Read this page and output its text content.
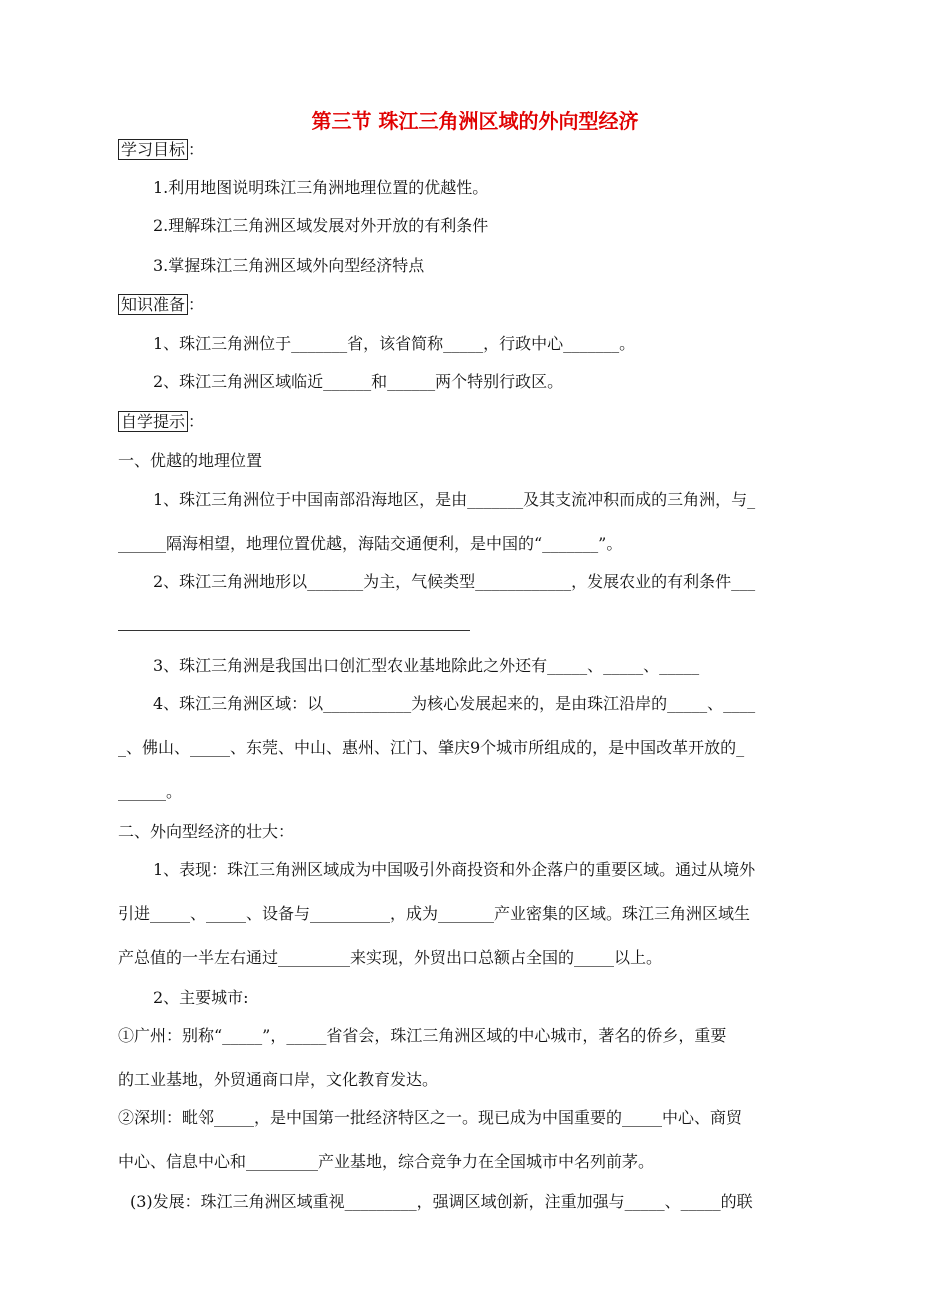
第三节 珠江三角洲区域的外向型经济
学习目标 ：
1.利用地图说明珠江三角洲地理位置的优越性。
2.理解珠江三角洲区域发展对外开放的有利条件
3.掌握珠江三角洲区域外向型经济特点
知识准备 ：
1、珠江三角洲位于_______省，该省简称_____，行政中心_______。
2、珠江三角洲区域临近______和______两个特别行政区。
自学提示 ：
一、优越的地理位置
1、珠江三角洲位于中国南部沿海地区，是由_______及其支流冲积而成的三角洲，与_
______隔海相望，地理位置优越，海陆交通便利，是中国的“_______”。
2、珠江三角洲地形以_______为主，气候类型____________，发展农业的有利条件___
3、珠江三角洲是我国出口创汇型农业基地除此之外还有_____、_____、_____
4、珠江三角洲区域：以___________为核心发展起来的，是由珠江沿岸的_____、____
_、佛山、_____、东莞、中山、惠州、江门、肇庆9个城市所组成的，是中国改革开放的_
______。
二、外向型经济的壮大：
1、表现：珠江三角洲区域成为中国吸引外商投资和外企落户的重要区域。通过从境外
引进_____、_____、设备与__________，成为_______产业密集的区域。珠江三角洲区域生
产总值的一半左右通过_________来实现，外贸出口总额占全国的_____以上。
2、主要城市:
①广州：别称“_____”，_____省省会，珠江三角洲区域的中心城市，著名的侨乡，重要
的工业基地，外贸通商口岸，文化教育发达。
②深圳：毗邻_____，是中国第一批经济特区之一。现已成为中国重要的_____中心、商贸
中心、信息中心和_________产业基地，综合竞争力在全国城市中名列前茅。
(3)发展：珠江三角洲区域重视_________，强调区域创新，注重加强与_____、_____的联
